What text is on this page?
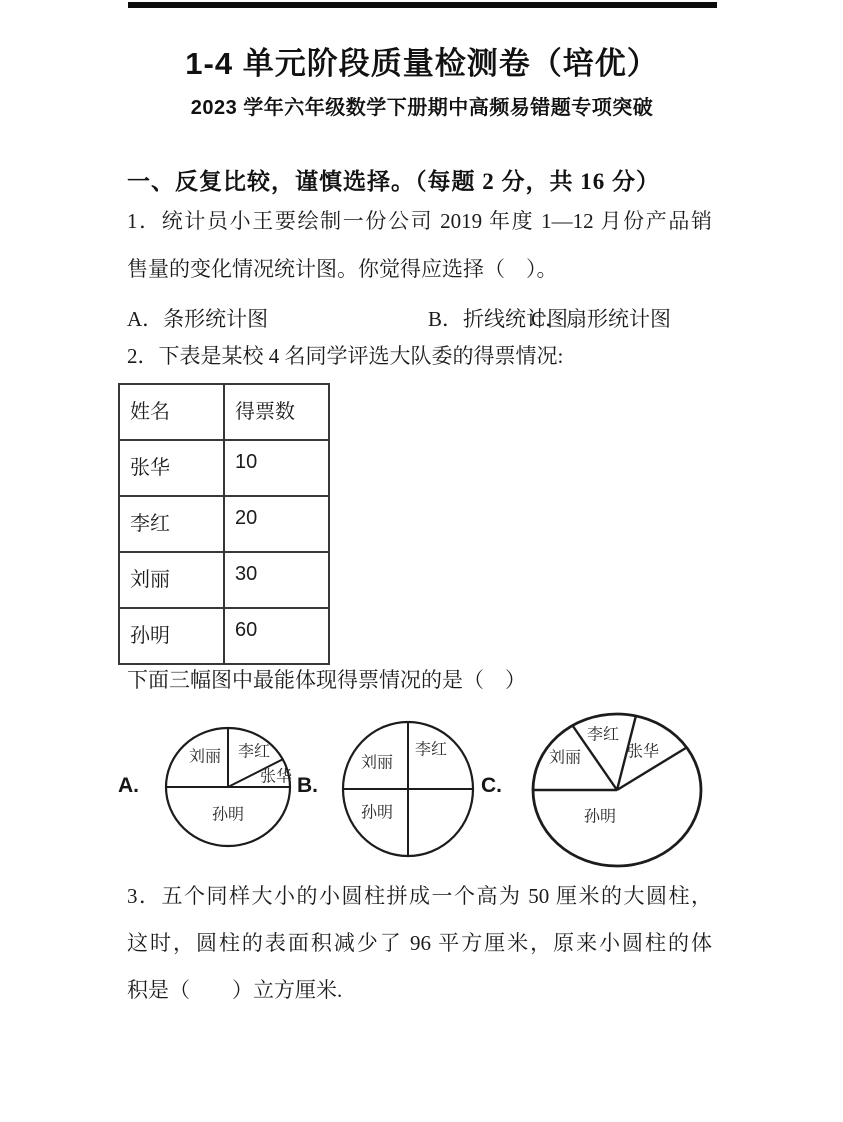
1-4 单元阶段质量检测卷（培优）
2023 学年六年级数学下册期中高频易错题专项突破
一、反复比较，谨慎选择。（每题 2 分，共 16 分）
1．统计员小王要绘制一份公司 2019 年度 1—12 月份产品销
售量的变化情况统计图。你觉得应选择（　）。
A．条形统计图	B．折线统计图
C．扇形统计图
2．下表是某校 4 名同学评选大队委的得票情况:
姓名	得票数
张华	10
李红	20
刘丽	30
孙明	60
下面三幅图中最能体现得票情况的是（　）
A.	B.	C.
刘丽 李红
张华
孙明
刘丽
李红
孙明
刘丽
李红
张华
孙明
3．五个同样大小的小圆柱拼成一个高为 50 厘米的大圆柱，
这时，圆柱的表面积减少了 96 平方厘米，原来小圆柱的体
积是（　　）立方厘米.
